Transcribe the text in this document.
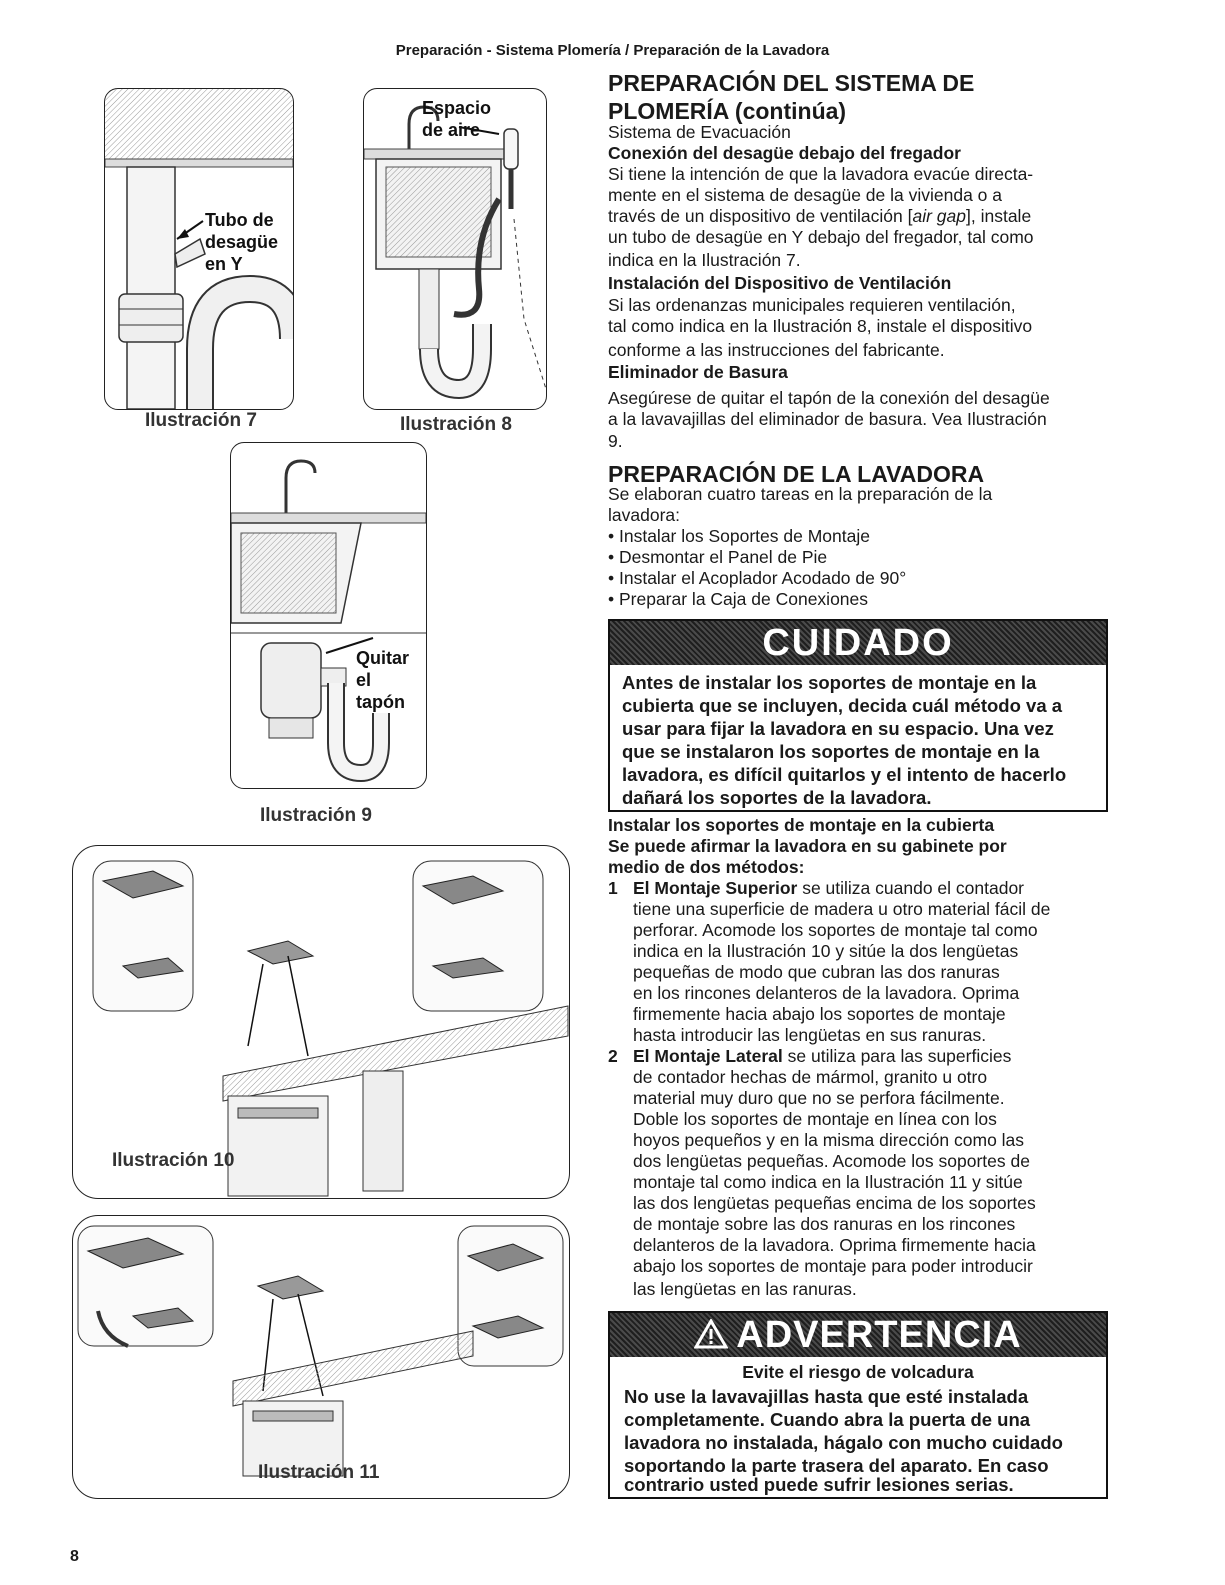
Preparación - Sistema Plomería / Preparación de la Lavadora
Tubo de
desagüe
en Y
Ilustración 7
Espacio
de aire
Ilustración 8
Quitar el
tapón
Ilustración 9
Ilustración 10
Ilustración 11
PREPARACIÓN DEL SISTEMA DE
PLOMERÍA (continúa)
Sistema de Evacuación
Conexión del desagüe debajo del fregador
Si tiene la intención de que la lavadora evacúe directa-
mente en el sistema de desagüe de la vivienda o a
través de un dispositivo de ventilación [air gap], instale
un tubo de desagüe en Y debajo del fregador, tal como
indica en la Ilustración 7.
Instalación del Dispositivo de Ventilación
Si las ordenanzas municipales requieren ventilación,
tal como indica en la Ilustración 8, instale el dispositivo
conforme a las instrucciones del fabricante.
Eliminador de Basura
Asegúrese de quitar el tapón de la conexión del desagüe
a la lavavajillas del eliminador de basura. Vea Ilustración
9.
PREPARACIÓN DE LA LAVADORA
Se elaboran cuatro tareas en la preparación de la
lavadora:
• Instalar los Soportes de Montaje
• Desmontar el Panel de Pie
• Instalar el Acoplador Acodado de 90°
• Preparar la Caja de Conexiones
CUIDADO
Antes de instalar los soportes de montaje en la
cubierta que se incluyen, decida cuál método va a
usar para fijar la lavadora en su espacio. Una vez
que se instalaron los soportes de montaje en la
lavadora, es difícil quitarlos y el intento de hacerlo
dañará los soportes de la lavadora.
Instalar los soportes de montaje en la cubierta
Se puede afirmar la lavadora en su gabinete por
medio de dos métodos:
1 El Montaje Superior se utiliza cuando el contador
tiene una superficie de madera u otro material fácil de
perforar. Acomode los soportes de montaje tal como
indica en la Ilustración 10 y sitúe la dos lengüetas
pequeñas de modo que cubran las dos ranuras
en los rincones delanteros de la lavadora. Oprima
firmemente hacia abajo los soportes de montaje
hasta introducir las lengüetas en sus ranuras.
2 El Montaje Lateral se utiliza para las superficies
de contador hechas de mármol, granito u otro
material muy duro que no se perfora fácilmente.
Doble los soportes de montaje en línea con los
hoyos pequeños y en la misma dirección como las
dos lengüetas pequeñas. Acomode los soportes de
montaje tal como indica en la Ilustración 11 y sitúe
las dos lengüetas pequeñas encima de los soportes
de montaje sobre las dos ranuras en los rincones
delanteros de la lavadora. Oprima firmemente hacia
abajo los soportes de montaje para poder introducir
las lengüetas en las ranuras.
ADVERTENCIA
Evite el riesgo de volcadura
No use la lavavajillas hasta que esté instalada
completamente. Cuando abra la puerta de una
lavadora no instalada, hágalo con mucho cuidado
soportando la parte trasera del aparato. En caso
contrario usted puede sufrir lesiones serias.
8
